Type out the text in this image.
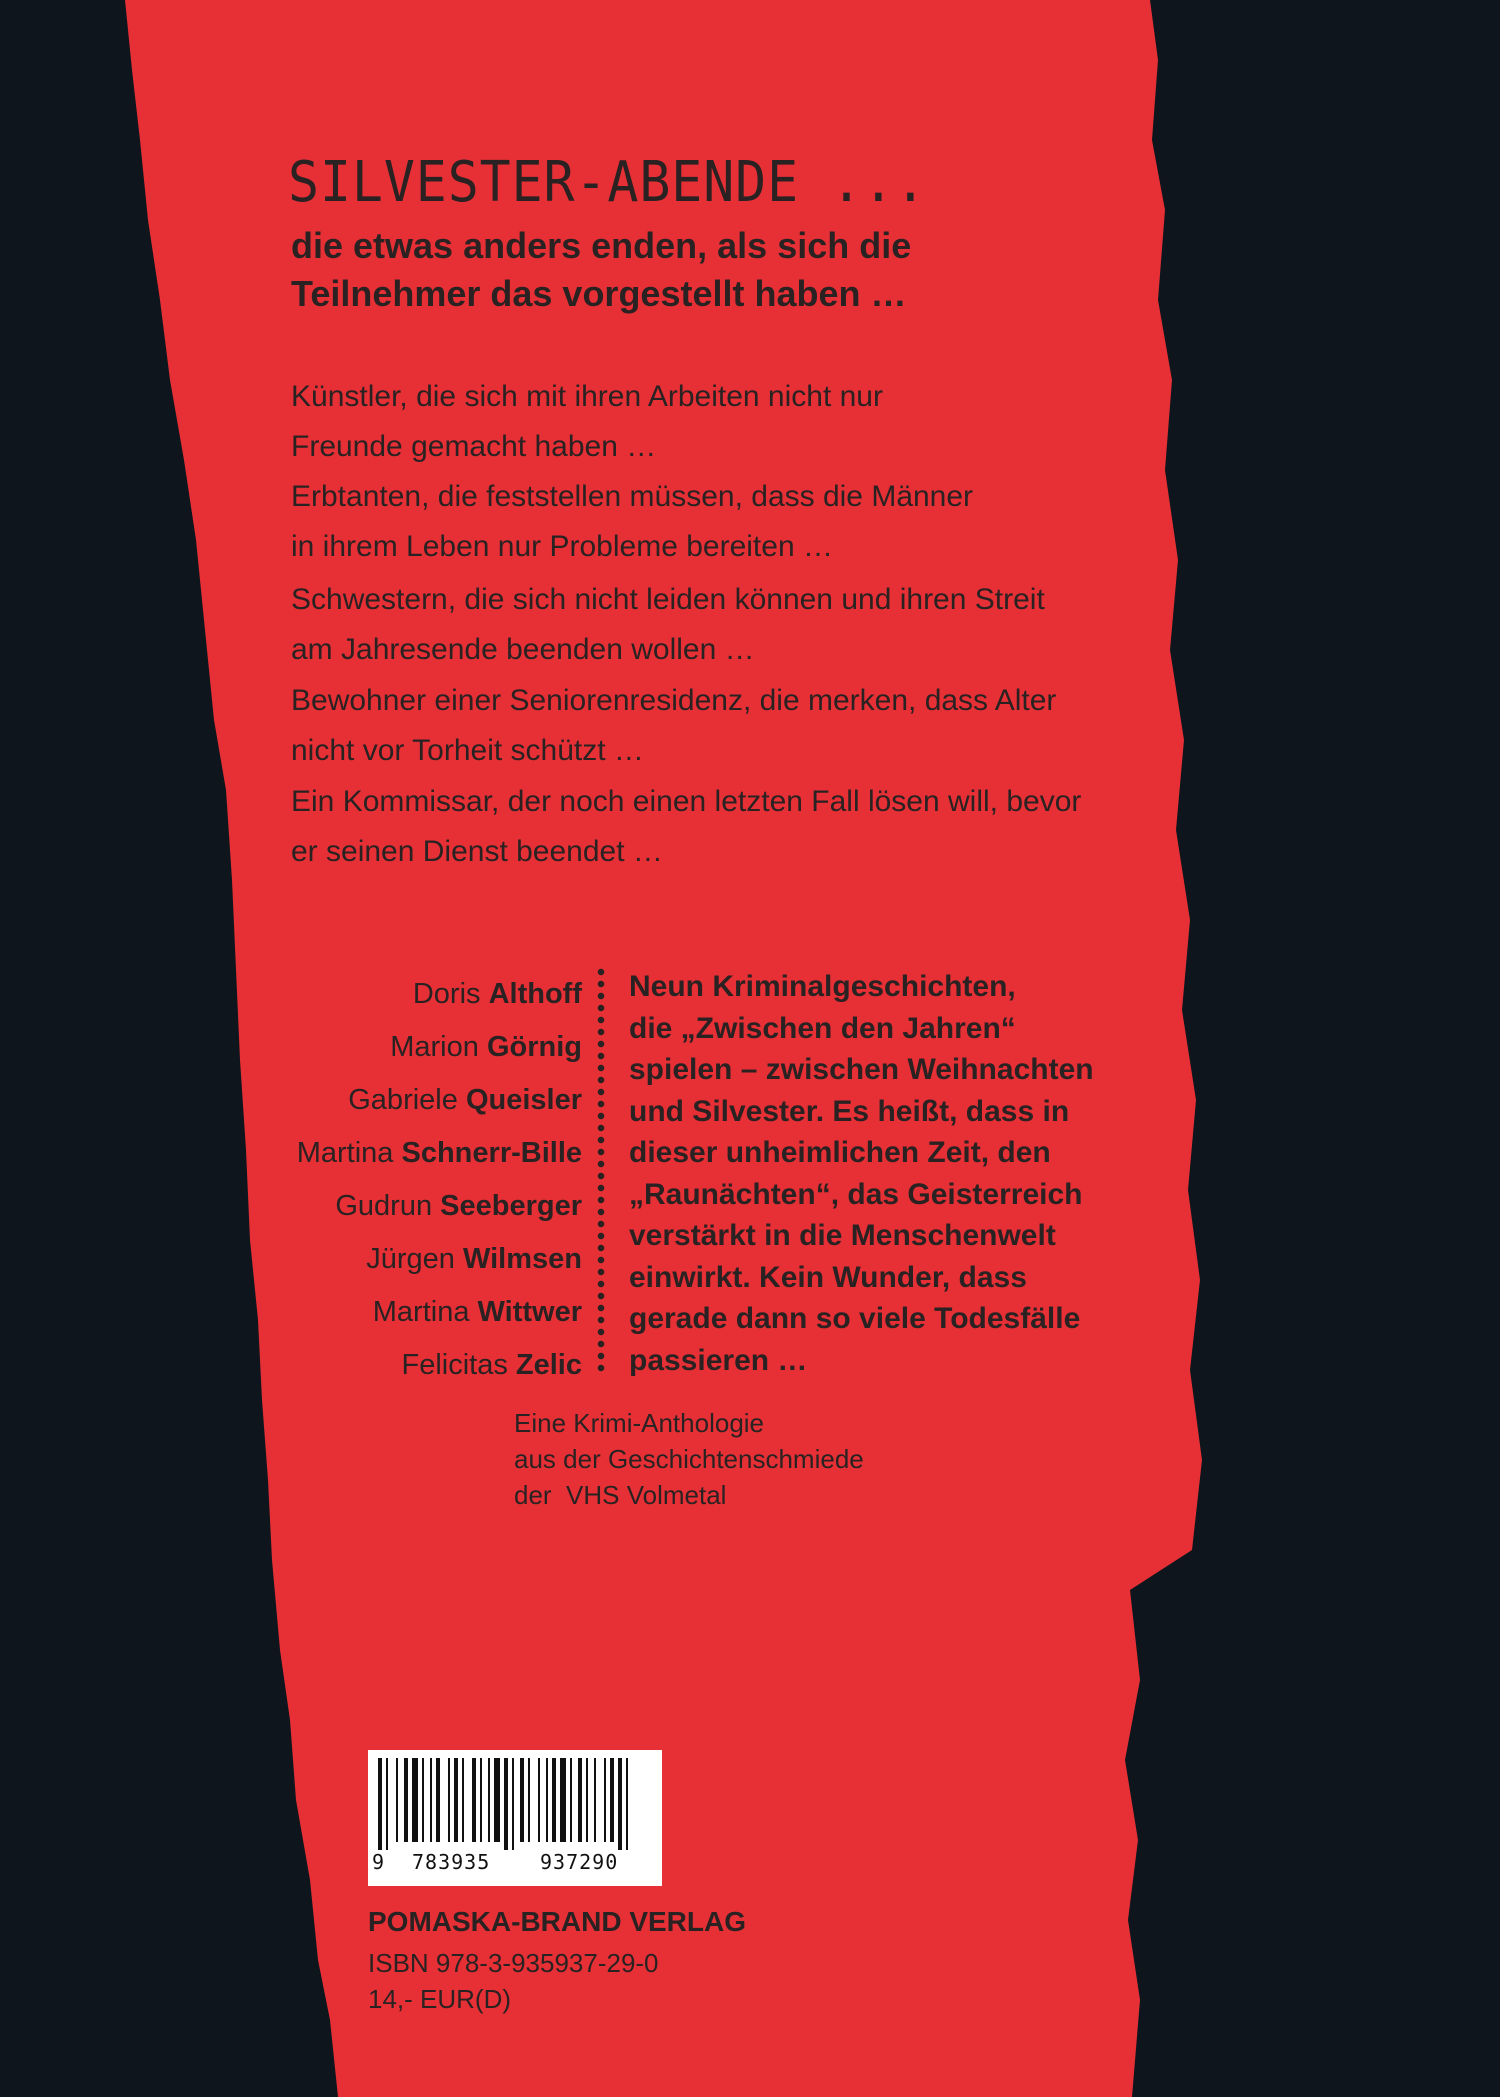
SILVESTER-ABENDE ...
die etwas anders enden, als sich die
Teilnehmer das vorgestellt haben …
Künstler, die sich mit ihren Arbeiten nicht nur
Freunde gemacht haben …
Erbtanten, die feststellen müssen, dass die Männer
in ihrem Leben nur Probleme bereiten …
Schwestern, die sich nicht leiden können und ihren Streit
am Jahresende beenden wollen …
Bewohner einer Seniorenresidenz, die merken, dass Alter
nicht vor Torheit schützt …
Ein Kommissar, der noch einen letzten Fall lösen will, bevor
er seinen Dienst beendet …
Doris Althoff
Marion Görnig
Gabriele Queisler
Martina Schnerr-Bille
Gudrun Seeberger
Jürgen Wilmsen
Martina Wittwer
Felicitas Zelic
Neun Kriminalgeschichten,
die „Zwischen den Jahren“
spielen – zwischen Weihnachten
und Silvester. Es heißt, dass in
dieser unheimlichen Zeit, den
„Raunächten“, das Geisterreich
verstärkt in die Menschenwelt
einwirkt. Kein Wunder, dass
gerade dann so viele Todesfälle
passieren …
Eine Krimi-Anthologie
aus der Geschichtenschmiede
der  VHS Volmetal
9 783935 937290
POMASKA-BRAND VERLAG
ISBN 978-3-935937-29-0
14,- EUR(D)
